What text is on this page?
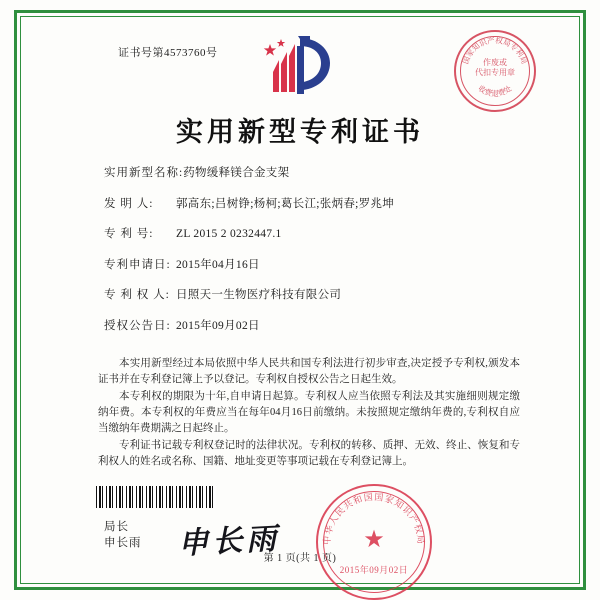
证书号第4573760号
国家知识产权局专利局
收费退费处
作废或
代扣专用章
实用新型专利证书
实用新型名称:药物缓释镁合金支架
发 明 人: 郭高东;吕树铮;杨柯;葛长江;张炳春;罗兆坤
专 利 号: ZL 2015 2 0232447.1
专利申请日: 2015年04月16日
专 利 权 人: 日照天一生物医疗科技有限公司
授权公告日: 2015年09月02日
本实用新型经过本局依照中华人民共和国专利法进行初步审查,决定授予专利权,颁发本证书并在专利登记簿上予以登记。专利权自授权公告之日起生效。
本专利权的期限为十年,自申请日起算。专利权人应当依照专利法及其实施细则规定缴纳年费。本专利权的年费应当在每年04月16日前缴纳。未按照规定缴纳年费的,专利权自应当缴纳年费期满之日起终止。
专利证书记载专利权登记时的法律状况。专利权的转移、质押、无效、终止、恢复和专利权人的姓名或名称、国籍、地址变更等事项记载在专利登记簿上。
局长
申长雨 申长雨	中华人民共和国国家知识产权局
★
2015年09月02日
第 1 页(共 1 页)
